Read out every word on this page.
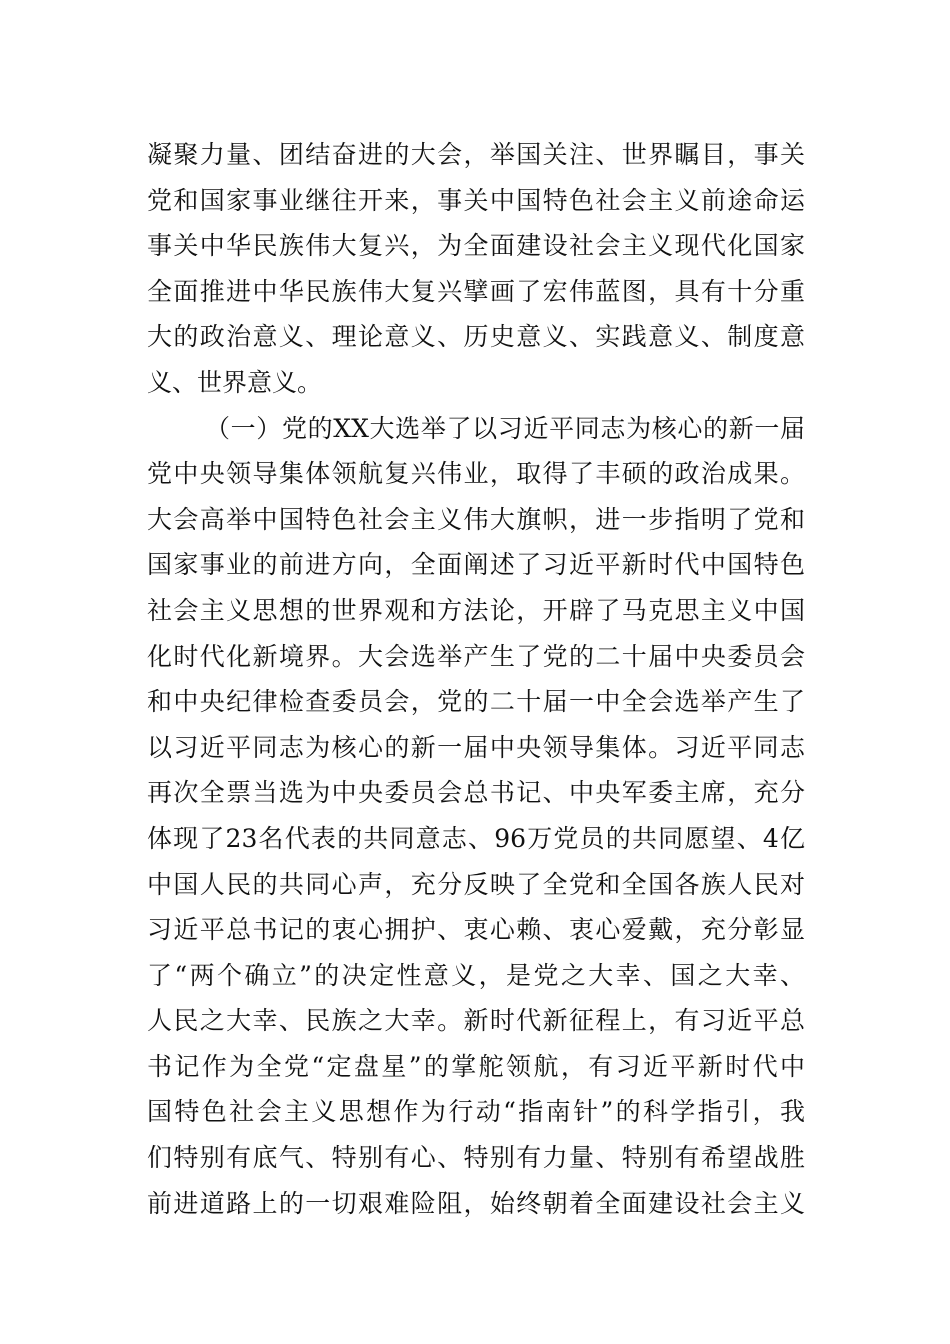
凝聚力量、团结奋进的大会，举国关注、世界瞩目，事关
党和国家事业继往开来，事关中国特色社会主义前途命运
事关中华民族伟大复兴，为全面建设社会主义现代化国家
全面推进中华民族伟大复兴擘画了宏伟蓝图，具有十分重
大的政治意义、理论意义、历史意义、实践意义、制度意
义、世界意义。
（一）党的XX大选举了以习近平同志为核心的新一届
党中央领导集体领航复兴伟业，取得了丰硕的政治成果。
大会高举中国特色社会主义伟大旗帜，进一步指明了党和
国家事业的前进方向，全面阐述了习近平新时代中国特色
社会主义思想的世界观和方法论，开辟了马克思主义中国
化时代化新境界。大会选举产生了党的二十届中央委员会
和中央纪律检查委员会，党的二十届一中全会选举产生了
以习近平同志为核心的新一届中央领导集体。习近平同志
再次全票当选为中央委员会总书记、中央军委主席，充分
体现了23名代表的共同意志、96万党员的共同愿望、4亿
中国人民的共同心声，充分反映了全党和全国各族人民对
习近平总书记的衷心拥护、衷心赖、衷心爱戴，充分彰显
了“两个确立”的决定性意义，是党之大幸、国之大幸、
人民之大幸、民族之大幸。新时代新征程上，有习近平总
书记作为全党“定盘星”的掌舵领航，有习近平新时代中
国特色社会主义思想作为行动“指南针”的科学指引，我
们特别有底气、特别有心、特别有力量、特别有希望战胜
前进道路上的一切艰难险阻，始终朝着全面建设社会主义
